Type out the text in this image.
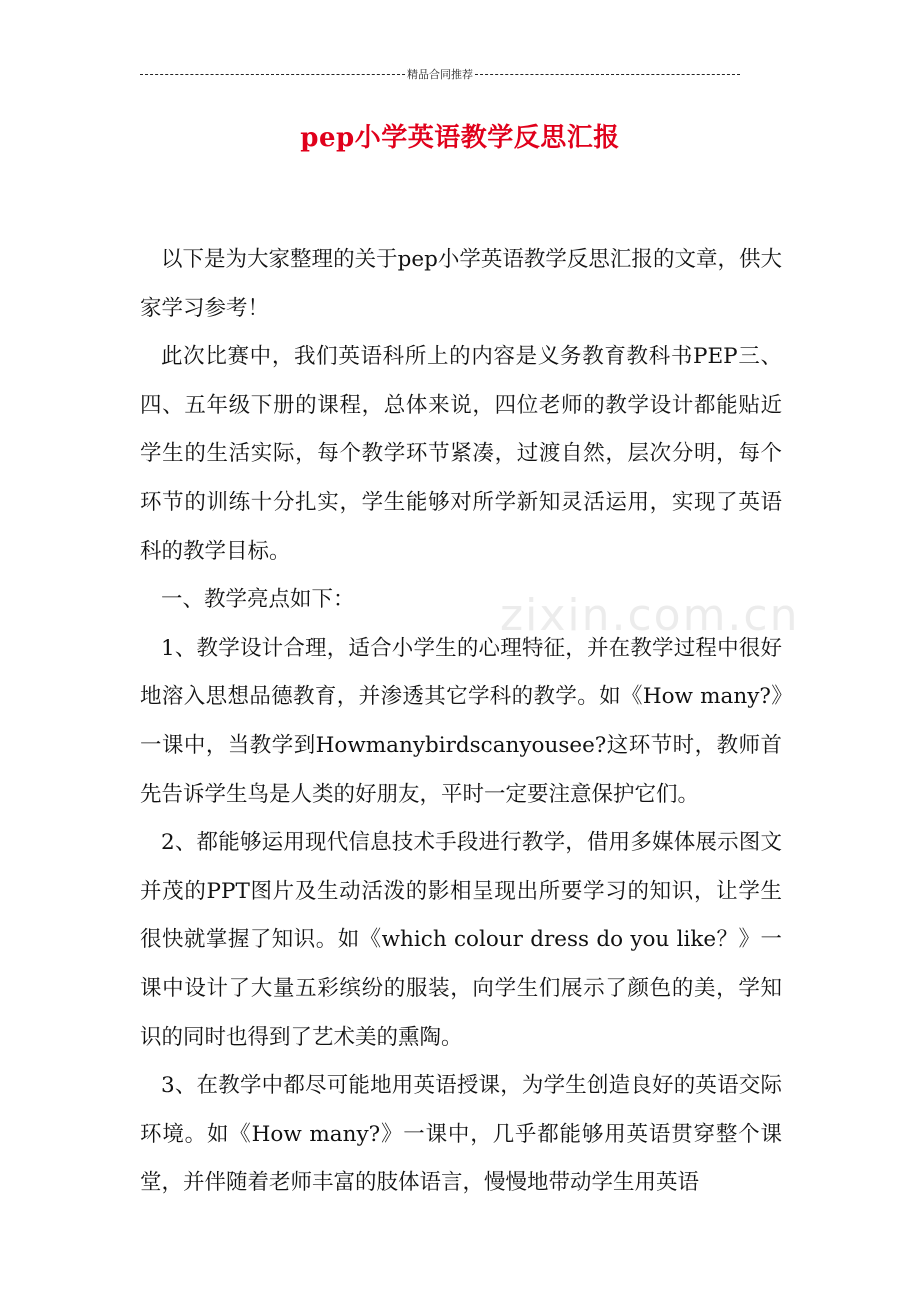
精品合同推荐
pep小学英语教学反思汇报
zixin.com.cn

以下是为大家整理的关于pep小学英语教学反思汇报的文章，供大家学习参考！

此次比赛中，我们英语科所上的内容是义务教育教科书PEP三、四、五年级下册的课程，总体来说，四位老师的教学设计都能贴近学生的生活实际，每个教学环节紧凑，过渡自然，层次分明，每个环节的训练十分扎实，学生能够对所学新知灵活运用，实现了英语科的教学目标。

一、教学亮点如下：

1、教学设计合理，适合小学生的心理特征，并在教学过程中很好地溶入思想品德教育，并渗透其它学科的教学。如《How many?》一课中，当教学到Howmanybirdscanyousee?这环节时，教师首先告诉学生鸟是人类的好朋友，平时一定要注意保护它们。

2、都能够运用现代信息技术手段进行教学，借用多媒体展示图文并茂的PPT图片及生动活泼的影相呈现出所要学习的知识，让学生很快就掌握了知识。如《which colour dress do you like？》一课中设计了大量五彩缤纷的服装，向学生们展示了颜色的美，学知识的同时也得到了艺术美的熏陶。

3、在教学中都尽可能地用英语授课，为学生创造良好的英语交际环境。如《How many?》一课中，几乎都能够用英语贯穿整个课堂，并伴随着老师丰富的肢体语言，慢慢地带动学生用英语
